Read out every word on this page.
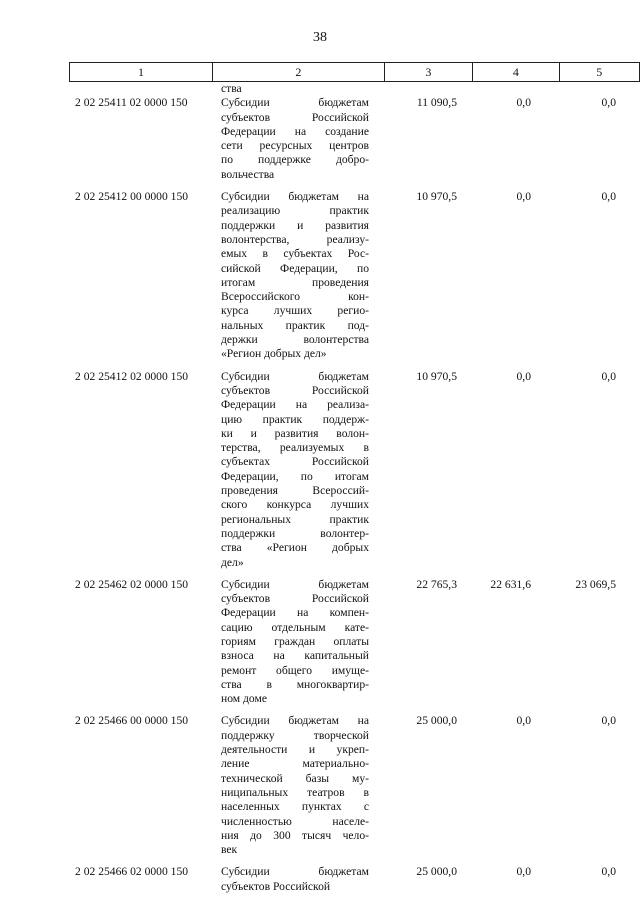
38
1	2	3	4	5
ства
2 02 25411 02 0000 150	Субсидии бюджетам
субъектов Российской
Федерации на создание
сети ресурсных центров
по поддержке добро-
вольчества
11 090,5	0,0	0,0
2 02 25412 00 0000 150	Субсидии бюджетам на
реализацию практик
поддержки и развития
волонтерства, реализу-
емых в субъектах Рос-
сийской Федерации, по
итогам проведения
Всероссийского кон-
курса лучших регио-
нальных практик под-
держки волонтерства
«Регион добрых дел»
10 970,5	0,0	0,0
2 02 25412 02 0000 150	Субсидии бюджетам
субъектов Российской
Федерации на реализа-
цию практик поддерж-
ки и развития волон-
терства, реализуемых в
субъектах Российской
Федерации, по итогам
проведения Всероссий-
ского конкурса лучших
региональных практик
поддержки волонтер-
ства «Регион добрых
дел»
10 970,5	0,0	0,0
2 02 25462 02 0000 150	Субсидии бюджетам
субъектов Российской
Федерации на компен-
сацию отдельным кате-
гориям граждан оплаты
взноса на капитальный
ремонт общего имуще-
ства в многоквартир-
ном доме
22 765,3	22 631,6	23 069,5
2 02 25466 00 0000 150	Субсидии бюджетам на
поддержку творческой
деятельности и укреп-
ление материально-
технической базы му-
ниципальных театров в
населенных пунктах с
численностью населе-
ния до 300 тысяч чело-
век
25 000,0	0,0	0,0
2 02 25466 02 0000 150	Субсидии бюджетам
субъектов Российской
25 000,0	0,0	0,0
